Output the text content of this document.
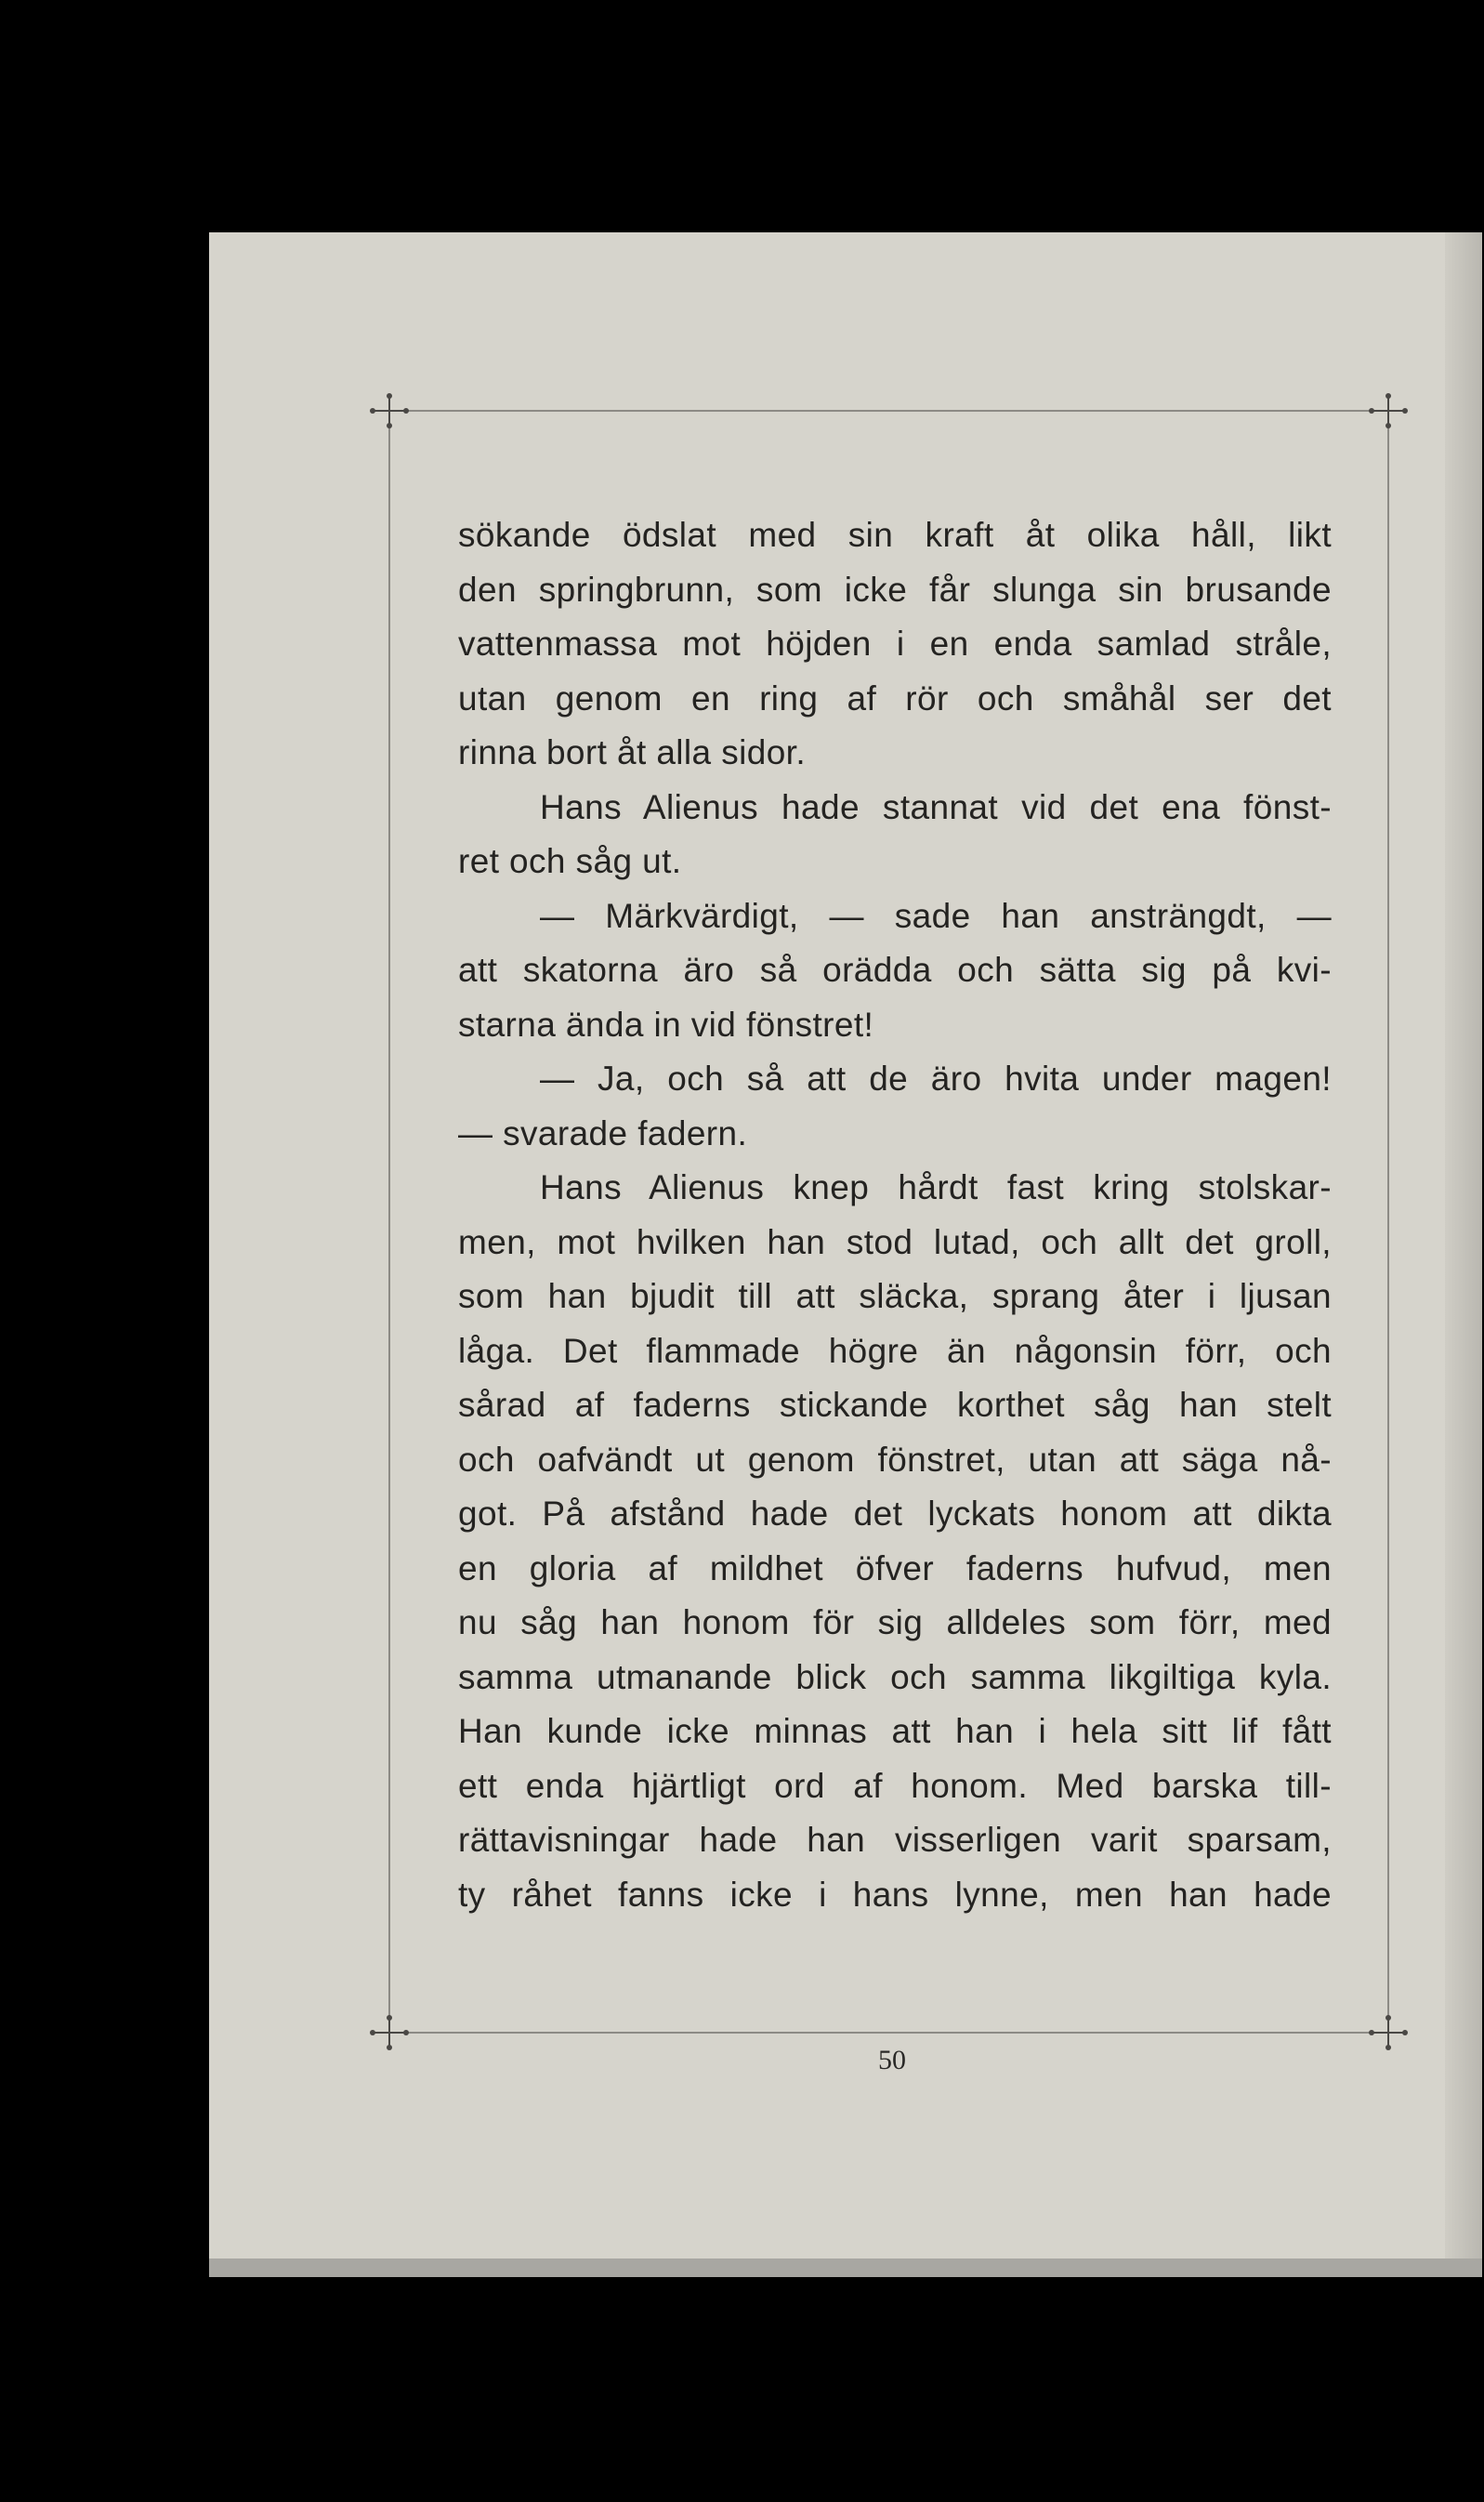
sökande ödslat med sin kraft åt olika håll, likt
den springbrunn, som icke får slunga sin brusande
vattenmassa mot höjden i en enda samlad stråle,
utan genom en ring af rör och småhål ser det
rinna bort åt alla sidor.
Hans Alienus hade stannat vid det ena fönst-
ret och såg ut.
— Märkvärdigt, — sade han ansträngdt, —
att skatorna äro så orädda och sätta sig på kvi-
starna ända in vid fönstret!
— Ja, och så att de äro hvita under magen!
— svarade fadern.
Hans Alienus knep hårdt fast kring stolskar-
men, mot hvilken han stod lutad, och allt det groll,
som han bjudit till att släcka, sprang åter i ljusan
låga. Det flammade högre än någonsin förr, och
sårad af faderns stickande korthet såg han stelt
och oafvändt ut genom fönstret, utan att säga nå-
got. På afstånd hade det lyckats honom att dikta
en gloria af mildhet öfver faderns hufvud, men
nu såg han honom för sig alldeles som förr, med
samma utmanande blick och samma likgiltiga kyla.
Han kunde icke minnas att han i hela sitt lif fått
ett enda hjärtligt ord af honom. Med barska till-
rättavisningar hade han visserligen varit sparsam,
ty råhet fanns icke i hans lynne, men han hade
50
